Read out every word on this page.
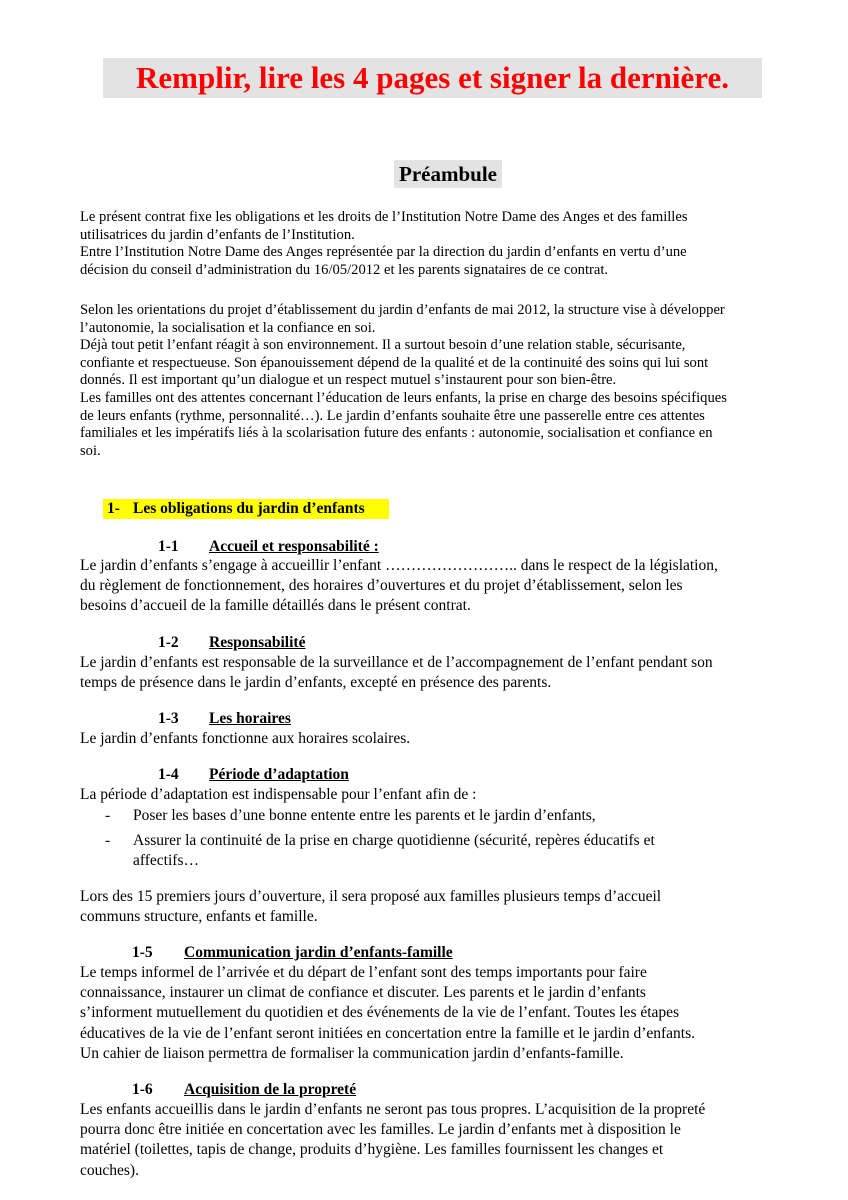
Remplir, lire les 4 pages et signer la dernière.
Préambule
Le présent contrat fixe les obligations et les droits de l’Institution Notre Dame des Anges et des familles
utilisatrices du jardin d’enfants de l’Institution.
Entre l’Institution Notre Dame des Anges représentée par la direction du jardin d’enfants en vertu d’une
décision du conseil d’administration du 16/05/2012 et les parents signataires de ce contrat.
Selon les orientations du projet d’établissement du jardin d’enfants de mai 2012, la structure vise à développer
l’autonomie, la socialisation et la confiance en soi.
Déjà tout petit l’enfant réagit à son environnement. Il a surtout besoin d’une relation stable, sécurisante,
confiante et respectueuse. Son épanouissement dépend de la qualité et de la continuité des soins qui lui sont
donnés. Il est important qu’un dialogue et un respect mutuel s’instaurent pour son bien-être.
Les familles ont des attentes concernant l’éducation de leurs enfants, la prise en charge des besoins spécifiques
de leurs enfants (rythme, personnalité…). Le jardin d’enfants souhaite être une passerelle entre ces attentes
familiales et les impératifs liés à la scolarisation future des enfants : autonomie, socialisation et confiance en
soi.
1- Les obligations du jardin d’enfants
1-1 Accueil et responsabilité :
Le jardin d’enfants s’engage à accueillir l’enfant …………………….. dans le respect de la législation,
du règlement de fonctionnement, des horaires d’ouvertures et du projet d’établissement, selon les
besoins d’accueil de la famille détaillés dans le présent contrat.
1-2 Responsabilité
Le jardin d’enfants est responsable de la surveillance et de l’accompagnement de l’enfant pendant son
temps de présence dans le jardin d’enfants, excepté en présence des parents.
1-3 Les horaires
Le jardin d’enfants fonctionne aux horaires scolaires.
1-4 Période d’adaptation
La période d’adaptation est indispensable pour l’enfant afin de :
- Poser les bases d’une bonne entente entre les parents et le jardin d’enfants,
- Assurer la continuité de la prise en charge quotidienne (sécurité, repères éducatifs et
affectifs…
Lors des 15 premiers jours d’ouverture, il sera proposé aux familles plusieurs temps d’accueil
communs structure, enfants et famille.
1-5 Communication jardin d’enfants-famille
Le temps informel de l’arrivée et du départ de l’enfant sont des temps importants pour faire
connaissance, instaurer un climat de confiance et discuter. Les parents et le jardin d’enfants
s’informent mutuellement du quotidien et des événements de la vie de l’enfant. Toutes les étapes
éducatives de la vie de l’enfant seront initiées en concertation entre la famille et le jardin d’enfants.
Un cahier de liaison permettra de formaliser la communication jardin d’enfants-famille.
1-6 Acquisition de la propreté
Les enfants accueillis dans le jardin d’enfants ne seront pas tous propres. L’acquisition de la propreté
pourra donc être initiée en concertation avec les familles. Le jardin d’enfants met à disposition le
matériel (toilettes, tapis de change, produits d’hygiène. Les familles fournissent les changes et
couches).
